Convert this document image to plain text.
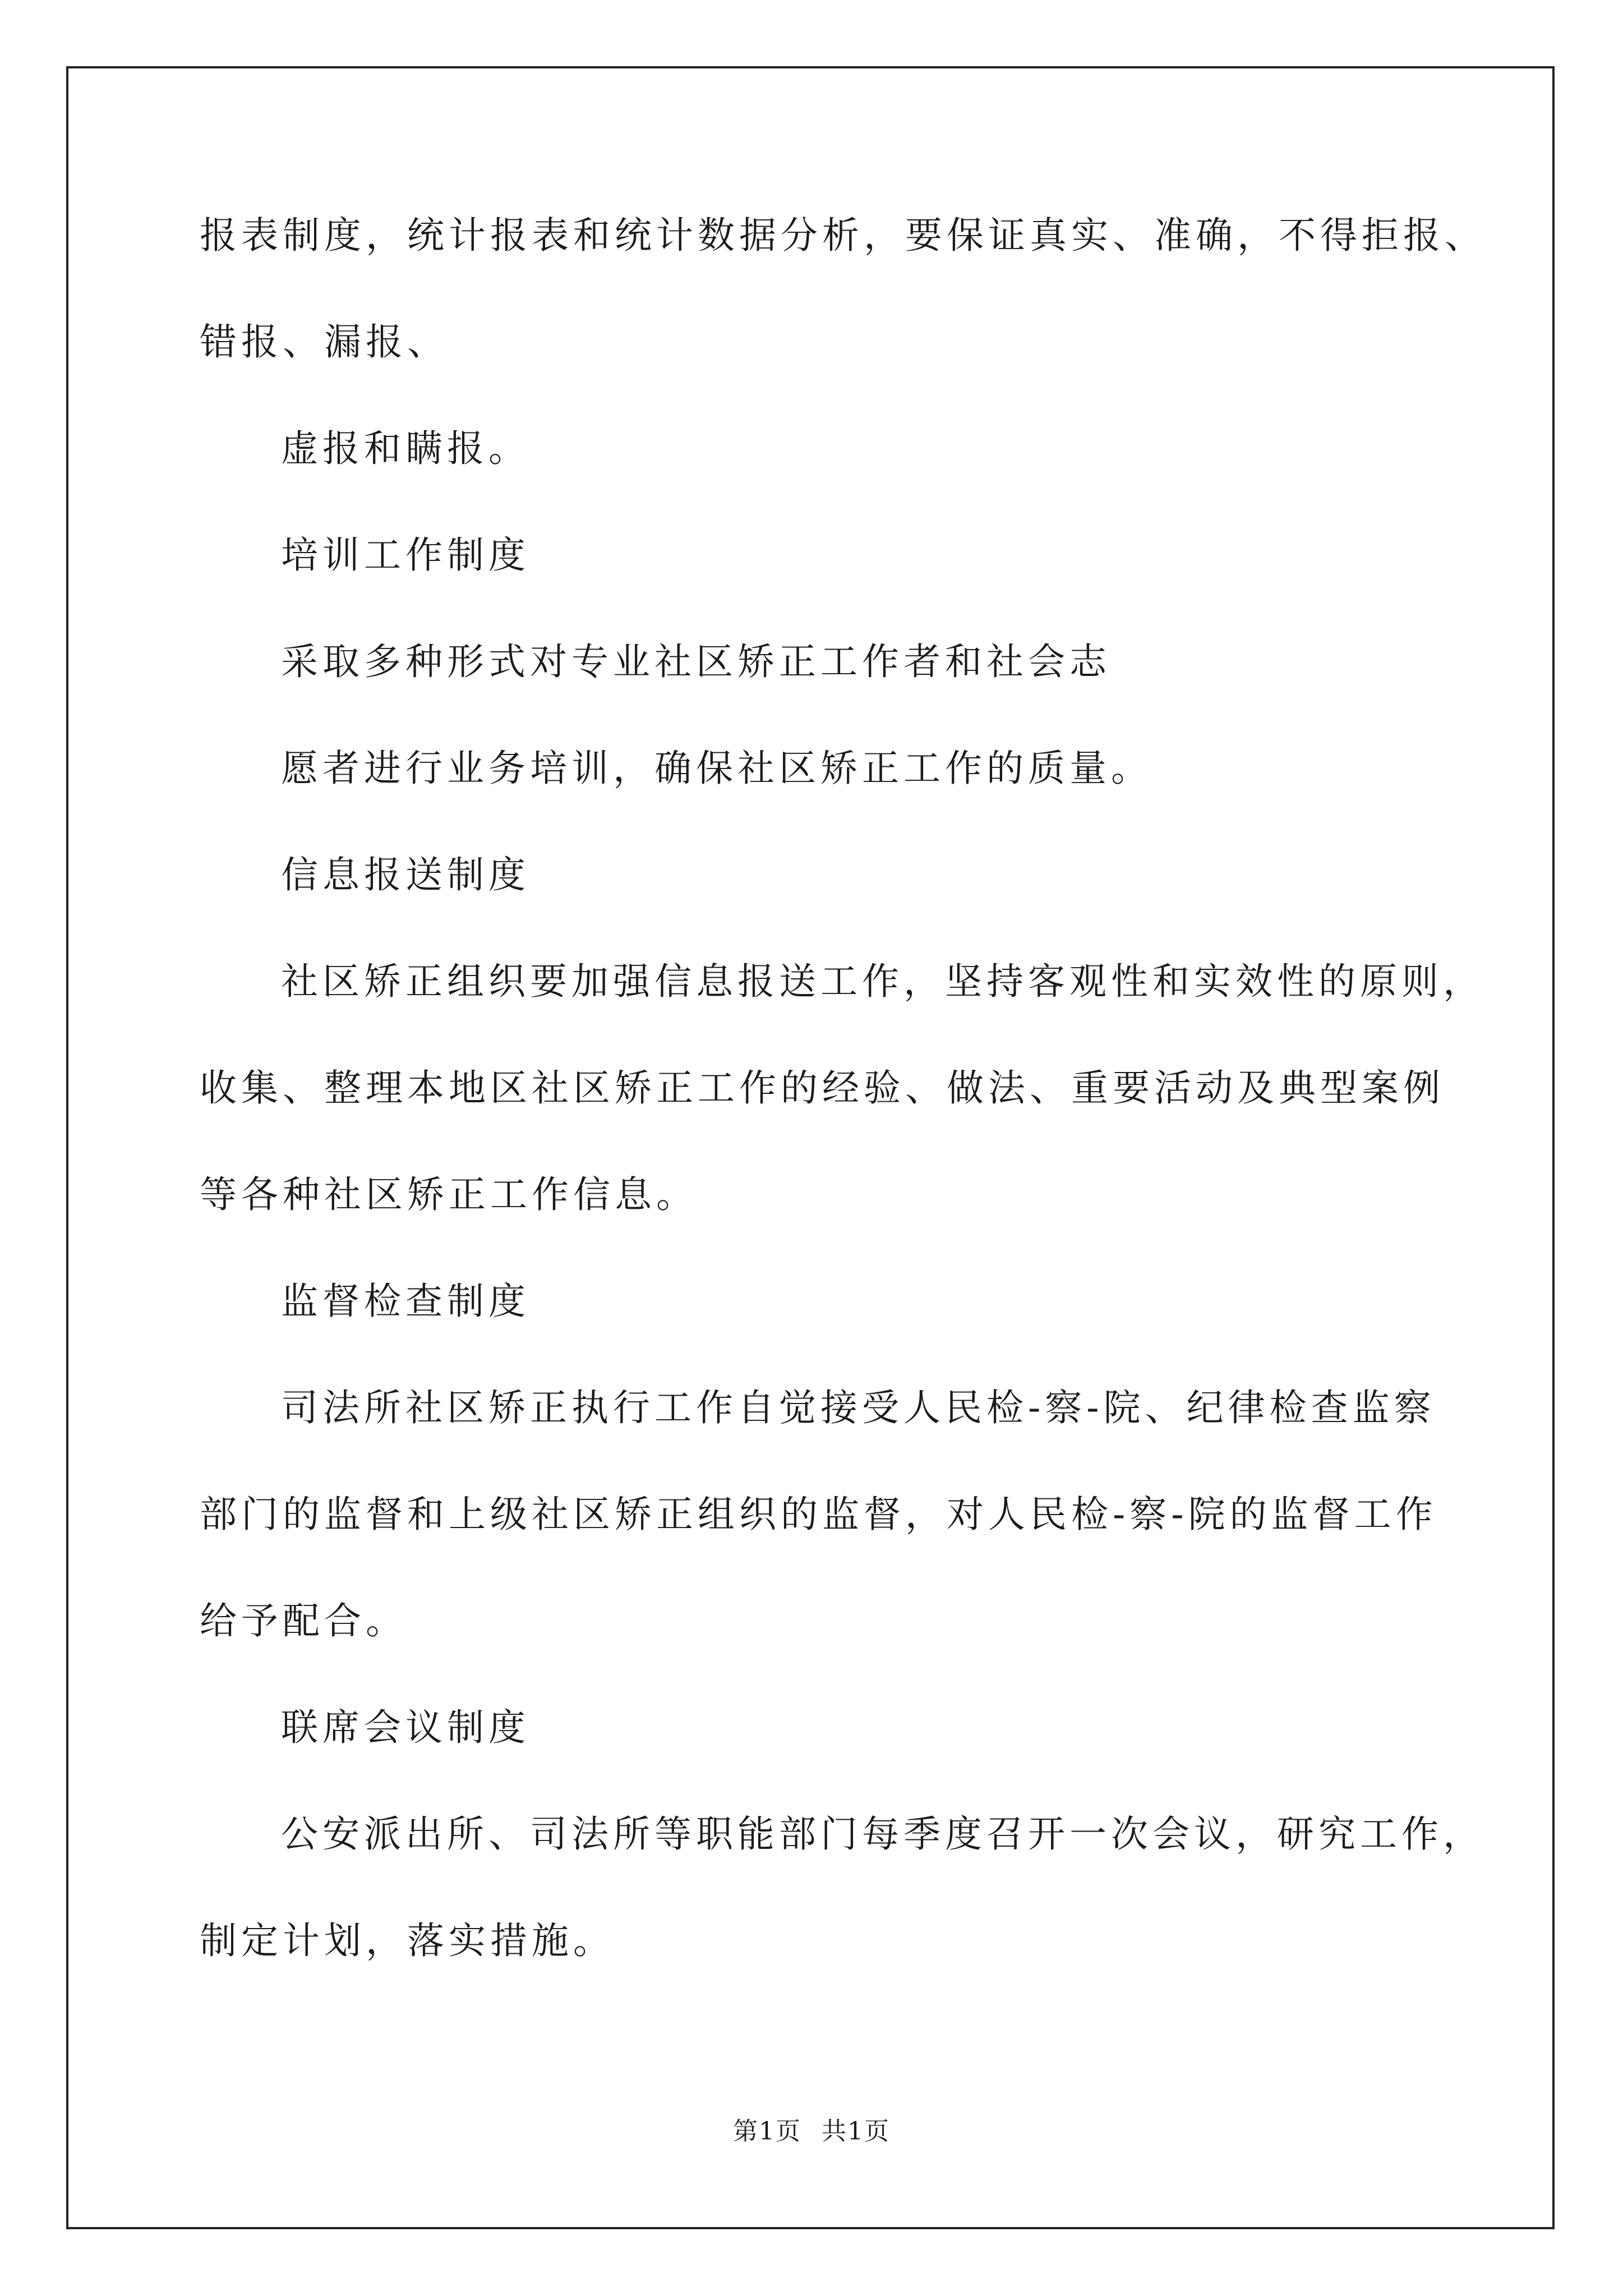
报表制度，统计报表和统计数据分析，要保证真实、准确，不得拒报、
错报、漏报、
虚报和瞒报。
培训工作制度
采取多种形式对专业社区矫正工作者和社会志
愿者进行业务培训，确保社区矫正工作的质量。
信息报送制度
社区矫正组织要加强信息报送工作，坚持客观性和实效性的原则，
收集、整理本地区社区矫正工作的经验、做法、重要活动及典型案例
等各种社区矫正工作信息。
监督检查制度
司法所社区矫正执行工作自觉接受人民检-察-院、纪律检查监察
部门的监督和上级社区矫正组织的监督，对人民检-察-院的监督工作
给予配合。
联席会议制度
公安派出所、司法所等职能部门每季度召开一次会议，研究工作，
制定计划，落实措施。
第1页 共1页
